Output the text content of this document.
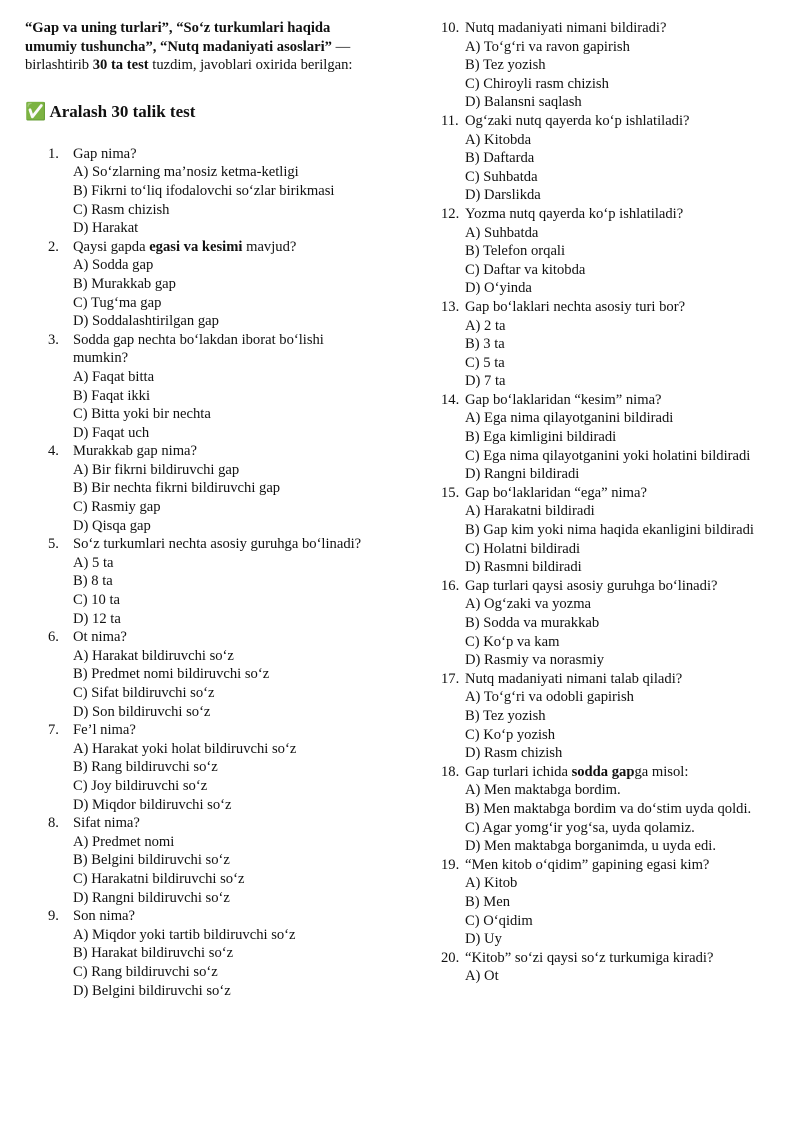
“Gap va uning turlari”, “So‘z turkumlari haqida umumiy tushuncha”, “Nutq madaniyati asoslari” — birlashtirib 30 ta test tuzdim, javoblari oxirida berilgan:

✅ Aralash 30 talik test
1. Gap nima?
A) So‘zlarning ma’nosiz ketma-ketligi
B) Fikrni to‘liq ifodalovchi so‘zlar birikmasi
C) Rasm chizish
D) Harakat
2. Qaysi gapda egasi va kesimi mavjud?
A) Sodda gap
B) Murakkab gap
C) Tug‘ma gap
D) Soddalashtirilgan gap
3. Sodda gap nechta bo‘lakdan iborat bo‘lishi mumkin?
A) Faqat bitta
B) Faqat ikki
C) Bitta yoki bir nechta
D) Faqat uch
4. Murakkab gap nima?
A) Bir fikrni bildiruvchi gap
B) Bir nechta fikrni bildiruvchi gap
C) Rasmiy gap
D) Qisqa gap
5. So‘z turkumlari nechta asosiy guruhga bo‘linadi?
A) 5 ta
B) 8 ta
C) 10 ta
D) 12 ta
6. Ot nima?
A) Harakat bildiruvchi so‘z
B) Predmet nomi bildiruvchi so‘z
C) Sifat bildiruvchi so‘z
D) Son bildiruvchi so‘z
7. Fe’l nima?
A) Harakat yoki holat bildiruvchi so‘z
B) Rang bildiruvchi so‘z
C) Joy bildiruvchi so‘z
D) Miqdor bildiruvchi so‘z
8. Sifat nima?
A) Predmet nomi
B) Belgini bildiruvchi so‘z
C) Harakatni bildiruvchi so‘z
D) Rangni bildiruvchi so‘z
9. Son nima?
A) Miqdor yoki tartib bildiruvchi so‘z
B) Harakat bildiruvchi so‘z
C) Rang bildiruvchi so‘z
D) Belgini bildiruvchi so‘z
10. Nutq madaniyati nimani bildiradi?
A) To‘g‘ri va ravon gapirish
B) Tez yozish
C) Chiroyli rasm chizish
D) Balansni saqlash
11. Og‘zaki nutq qayerda ko‘p ishlatiladi?
A) Kitobda
B) Daftarda
C) Suhbatda
D) Darslikda
12. Yozma nutq qayerda ko‘p ishlatiladi?
A) Suhbatda
B) Telefon orqali
C) Daftar va kitobda
D) O‘yinda
13. Gap bo‘laklari nechta asosiy turi bor?
A) 2 ta
B) 3 ta
C) 5 ta
D) 7 ta
14. Gap bo‘laklaridan “kesim” nima?
A) Ega nima qilayotganini bildiradi
B) Ega kimligini bildiradi
C) Ega nima qilayotganini yoki holatini bildiradi
D) Rangni bildiradi
15. Gap bo‘laklaridan “ega” nima?
A) Harakatni bildiradi
B) Gap kim yoki nima haqida ekanligini bildiradi
C) Holatni bildiradi
D) Rasmni bildiradi
16. Gap turlari qaysi asosiy guruhga bo‘linadi?
A) Og‘zaki va yozma
B) Sodda va murakkab
C) Ko‘p va kam
D) Rasmiy va norasmiy
17. Nutq madaniyati nimani talab qiladi?
A) To‘g‘ri va odobli gapirish
B) Tez yozish
C) Ko‘p yozish
D) Rasm chizish
18. Gap turlari ichida sodda gapga misol:
A) Men maktabga bordim.
B) Men maktabga bordim va do‘stim uyda qoldi.
C) Agar yomg‘ir yog‘sa, uyda qolamiz.
D) Men maktabga borganimda, u uyda edi.
19. “Men kitob o‘qidim” gapining egasi kim?
A) Kitob
B) Men
C) O‘qidim
D) Uy
20. “Kitob” so‘zi qaysi so‘z turkumiga kiradi?
A) Ot
